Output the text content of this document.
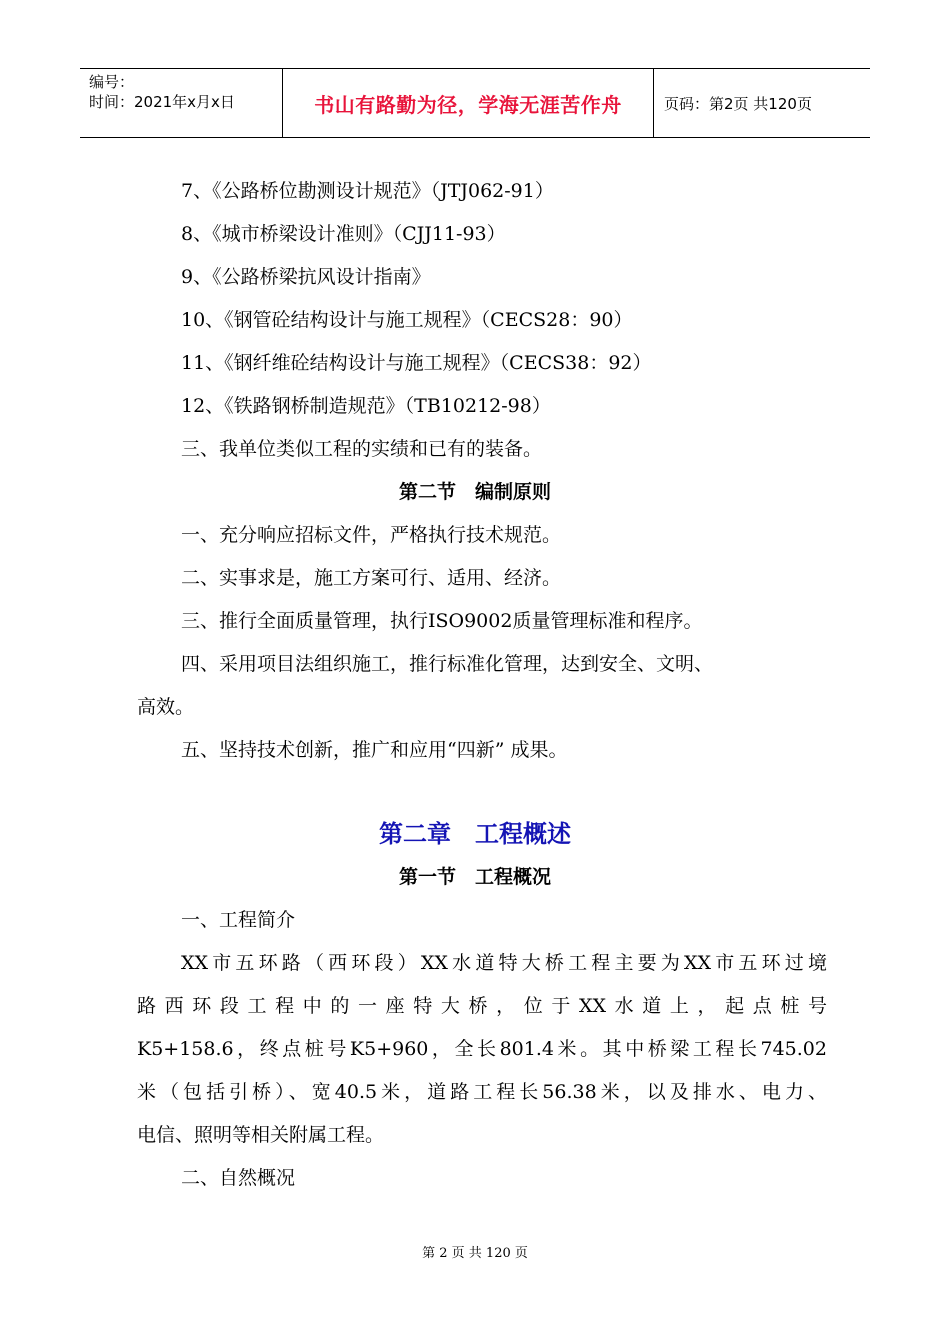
编号：
时间：2021年x月x日	书山有路勤为径，学海无涯苦作舟	页码：第2页 共120页
7、《公路桥位勘测设计规范》（JTJ062-91）
8、《城市桥梁设计准则》（CJJ11-93）
9、《公路桥梁抗风设计指南》
10、《钢管砼结构设计与施工规程》（CECS28：90）
11、《钢纤维砼结构设计与施工规程》（CECS38：92）
12、《铁路钢桥制造规范》（TB10212-98）
三、我单位类似工程的实绩和已有的装备。
第二节　编制原则
一、充分响应招标文件，严格执行技术规范。
二、实事求是，施工方案可行、适用、经济。
三、推行全面质量管理，执行ISO9002质量管理标准和程序。
四、采用项目法组织施工，推行标准化管理，达到安全、文明、
高效。
五、坚持技术创新，推广和应用“四新” 成果。
第二章　工程概述
第一节　工程概况
一、工程简介
XX市五环路（西环段）XX水道特大桥工程主要为XX市五环过境
路西环段工程中的一座特大桥，位于XX水道上，起点桩号
K5+158.6，终点桩号K5+960，全长801.4米。其中桥梁工程长745.02
米（包括引桥）、宽40.5米，道路工程长56.38米，以及排水、电力、
电信、照明等相关附属工程。
二、自然概况
第 2 页 共 120 页
